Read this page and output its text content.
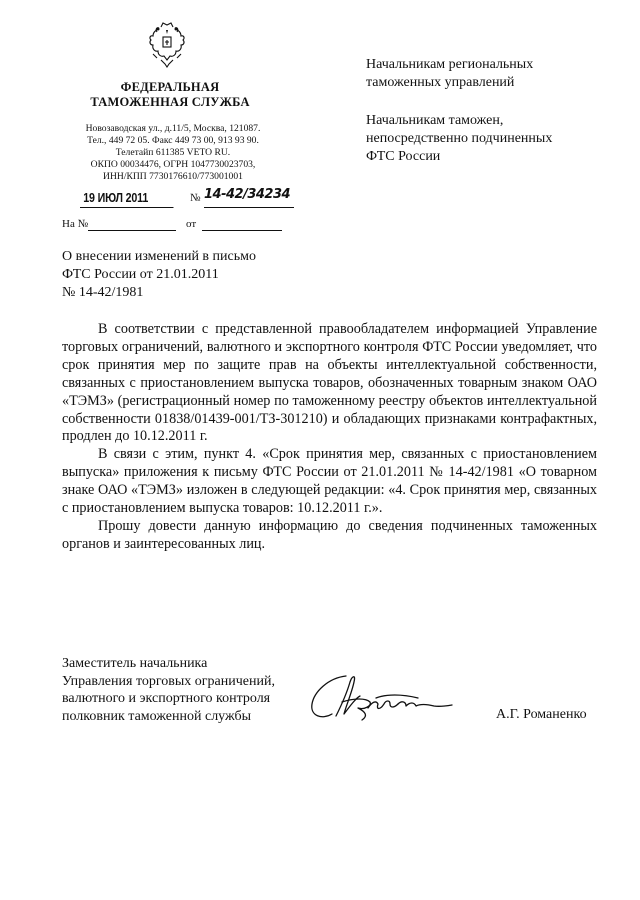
ФЕДЕРАЛЬНАЯ
ТАМОЖЕННАЯ СЛУЖБА
Новозаводская ул., д.11/5, Москва, 121087.
Тел., 449 72 05. Факс 449 73 00, 913 93 90.
Телетайп 611385 VETO RU.
ОКПО 00034476, ОГРН 1047730023703,
ИНН/КПП 7730176610/773001001
19 ИЮЛ 2011	№ 14-42/34234
На №	от
Начальникам региональных
таможенных управлений
Начальникам таможен,
непосредственно подчиненных
ФТС России
О внесении изменений в письмо
ФТС России от 21.01.2011
№ 14-42/1981

В соответствии с представленной правообладателем информацией Управление торговых ограничений, валютного и экспортного контроля ФТС России уведомляет, что срок принятия мер по защите прав на объекты интеллектуальной собственности, связанных с приостановлением выпуска товаров, обозначенных товарным знаком ОАО «ТЭМЗ» (регистрационный номер по таможенному реестру объектов интеллектуальной собственности 01838/01439-001/ТЗ-301210) и обладающих признаками контрафактных, продлен до 10.12.2011 г.

В связи с этим, пункт 4. «Срок принятия мер, связанных с приостановлением выпуска» приложения к письму ФТС России от 21.01.2011 № 14-42/1981 «О товарном знаке ОАО «ТЭМЗ» изложен в следующей редакции: «4. Срок принятия мер, связанных с приостановлением выпуска товаров: 10.12.2011 г.».

Прошу довести данную информацию до сведения подчиненных таможенных органов и заинтересованных лиц.

Заместитель начальника
Управления торговых ограничений,
валютного и экспортного контроля
полковник таможенной службы	А.Г. Романенко
